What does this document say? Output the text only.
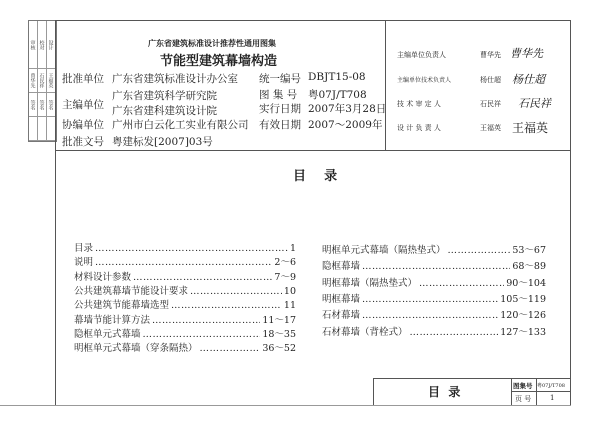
审核 校对 设计
曾华先 石民祥 王福英
签名 签名 签名
广东省建筑标准设计推荐性通用图集
节能型建筑幕墙构造
批准单位 广东省建筑标准设计办公室
主编单位
广东省建筑科学研究院
广东省建科建筑设计院
协编单位 广州市白云化工实业有限公司
批准文号 粤建标发[2007]03号
统一编号 DBJT15-08
图 集 号 粤07J/T708
实行日期 2007年3月28日
有效日期 2007～2009年
主编单位负责人	曹华先 曹华先
主编单位技术负责人	杨仕超 杨仕超
技 术 审 定 人	石民祥 石民祥
设 计 负 责 人	王福英 王福英
目    录
目录 …………………………………………………………………………	1
说明 …………………………………………………………………………	2～6
材料设计参数 …………………………………………………………………………	7～9
公共建筑幕墙节能设计要求 …………………………………………………………………………	10
公共建筑节能幕墙选型 …………………………………………………………………………	11
幕墙节能计算方法 …………………………………………………………………………	11～17
隐框单元式幕墙 …………………………………………………………………………	18～35
明框单元式幕墙（穿条隔热） …………………………………………………………………………	36～52
明框单元式幕墙（隔热垫式） …………………………………………………………………………	53～67
隐框幕墙 …………………………………………………………………………	68～89
明框幕墙（隔热垫式） …………………………………………………………………………	90～104
明框幕墙 …………………………………………………………………………	105～119
石材幕墙 …………………………………………………………………………	120～126
石材幕墙（背栓式） …………………………………………………………………………	127～133
目  录	图集号 粤07J/T708
页 号	1
